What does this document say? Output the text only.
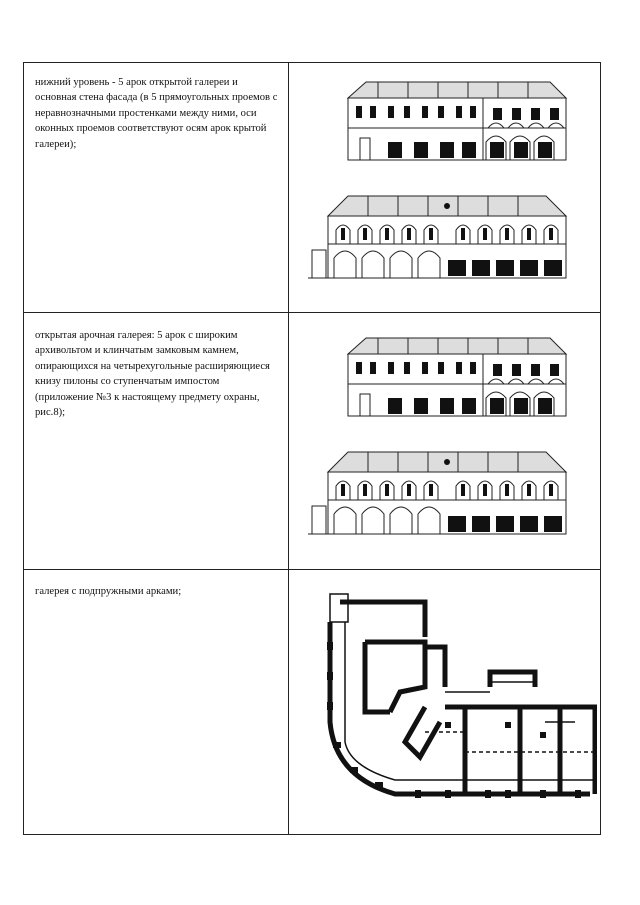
нижний уровень - 5 арок открытой галереи и основная стена фасада (в 5 прямоугольных проемов с неравнозначными простенками между ними, оси оконных проемов соответствуют осям арок крытой галереи);
открытая арочная галерея: 5 арок с широким архивольтом и клинчатым замковым камнем, опирающихся на четырехугольные расширяющиеся книзу пилоны со ступенчатым импостом (приложение №3 к настоящему предмету охраны, рис.8);
галерея с подпружными арками;
